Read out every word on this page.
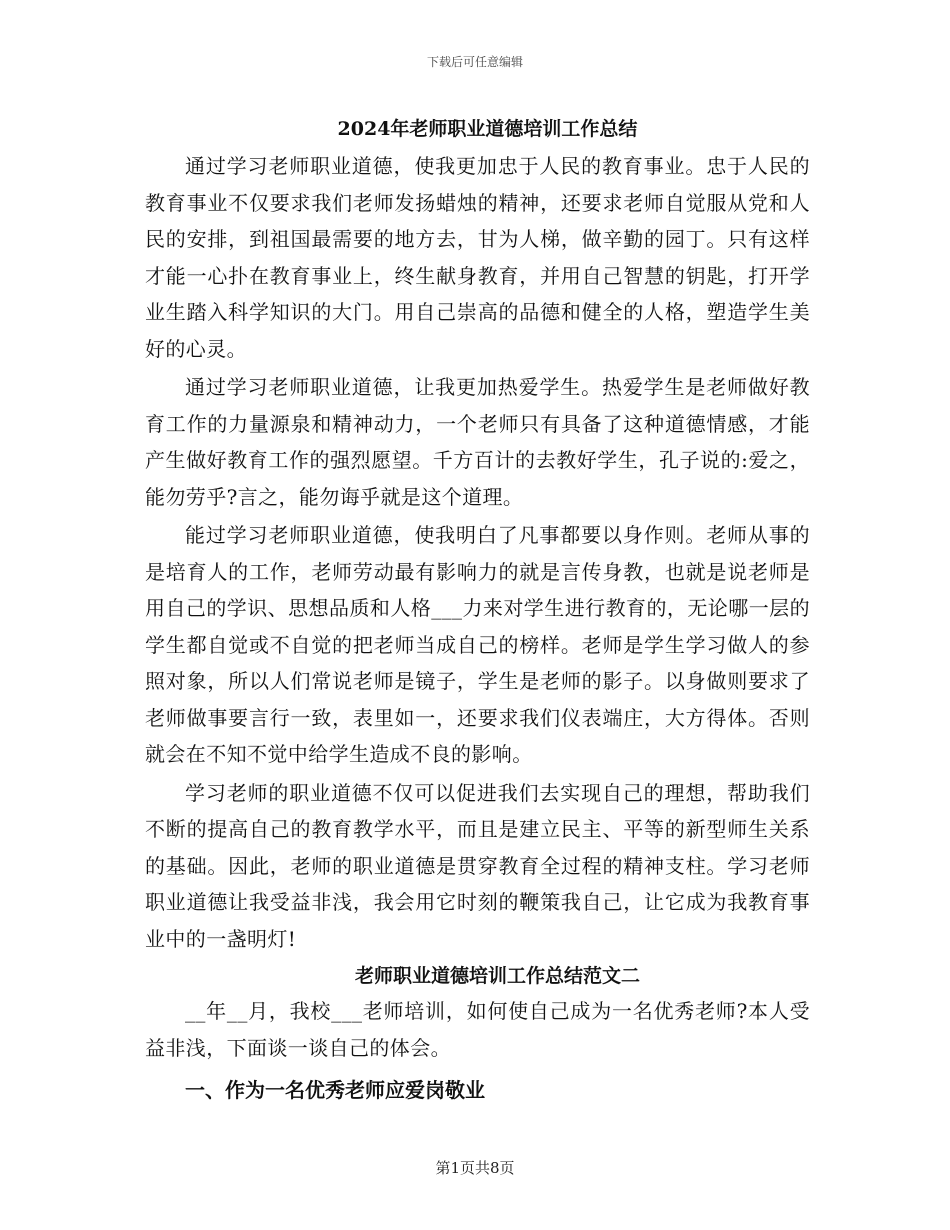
下载后可任意编辑
2024年老师职业道德培训工作总结

通过学习老师职业道德，使我更加忠于人民的教育事业。忠于人民的教育事业不仅要求我们老师发扬蜡烛的精神，还要求老师自觉服从党和人民的安排，到祖国最需要的地方去，甘为人梯，做辛勤的园丁。只有这样才能一心扑在教育事业上，终生献身教育，并用自己智慧的钥匙，打开学业生踏入科学知识的大门。用自己崇高的品德和健全的人格，塑造学生美好的心灵。

通过学习老师职业道德，让我更加热爱学生。热爱学生是老师做好教育工作的力量源泉和精神动力，一个老师只有具备了这种道德情感，才能产生做好教育工作的强烈愿望。千方百计的去教好学生，孔子说的:爱之，能勿劳乎?言之，能勿诲乎就是这个道理。

能过学习老师职业道德，使我明白了凡事都要以身作则。老师从事的是培育人的工作，老师劳动最有影响力的就是言传身教，也就是说老师是用自己的学识、思想品质和人格___力来对学生进行教育的，无论哪一层的学生都自觉或不自觉的把老师当成自己的榜样。老师是学生学习做人的参照对象，所以人们常说老师是镜子，学生是老师的影子。以身做则要求了老师做事要言行一致，表里如一，还要求我们仪表端庄，大方得体。否则就会在不知不觉中给学生造成不良的影响。

学习老师的职业道德不仅可以促进我们去实现自己的理想，帮助我们不断的提高自己的教育教学水平，而且是建立民主、平等的新型师生关系的基础。因此，老师的职业道德是贯穿教育全过程的精神支柱。学习老师职业道德让我受益非浅，我会用它时刻的鞭策我自己，让它成为我教育事业中的一盏明灯!

老师职业道德培训工作总结范文二

__年__月，我校___老师培训，如何使自己成为一名优秀老师?本人受益非浅，下面谈一谈自己的体会。

一、作为一名优秀老师应爱岗敬业
第1页共8页
